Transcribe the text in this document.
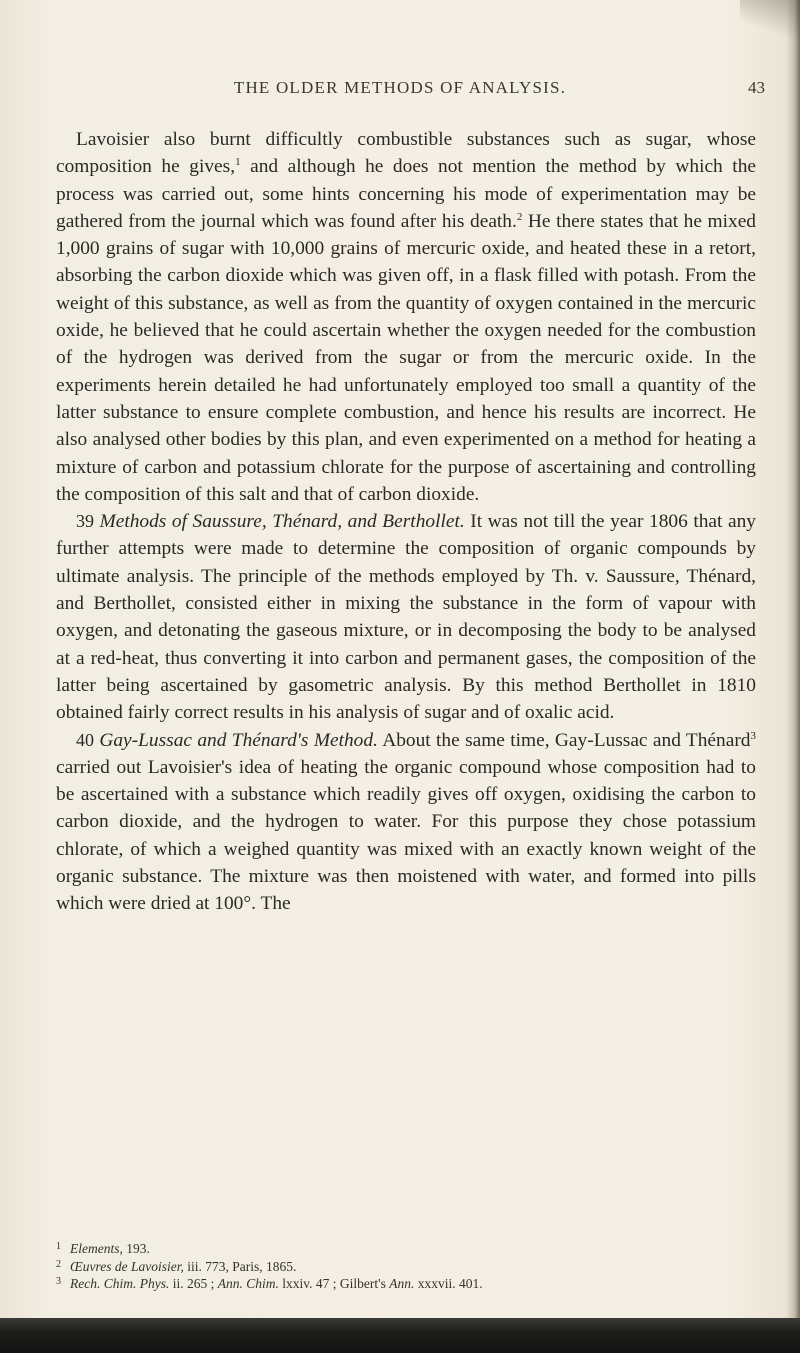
THE OLDER METHODS OF ANALYSIS.	43

Lavoisier also burnt difficultly combustible substances such as sugar, whose composition he gives,$^1$ and although he does not mention the method by which the process was carried out, some hints concerning his mode of experimentation may be gathered from the journal which was found after his death.$^2$ He there states that he mixed 1,000 grains of sugar with 10,000 grains of mercuric oxide, and heated these in a retort, absorbing the carbon dioxide which was given off, in a flask filled with potash. From the weight of this substance, as well as from the quantity of oxygen contained in the mercuric oxide, he believed that he could ascertain whether the oxygen needed for the combustion of the hydrogen was derived from the sugar or from the mercuric oxide. In the experiments herein detailed he had unfortunately employed too small a quantity of the latter substance to ensure complete combustion, and hence his results are incorrect. He also analysed other bodies by this plan, and even experimented on a method for heating a mixture of carbon and potassium chlorate for the purpose of ascertaining and controlling the composition of this salt and that of carbon dioxide.

39 Methods of Saussure, Thénard, and Berthollet. It was not till the year 1806 that any further attempts were made to determine the composition of organic compounds by ultimate analysis. The principle of the methods employed by Th. v. Saussure, Thénard, and Berthollet, consisted either in mixing the substance in the form of vapour with oxygen, and detonating the gaseous mixture, or in decomposing the body to be analysed at a red-heat, thus converting it into carbon and permanent gases, the composition of the latter being ascertained by gasometric analysis. By this method Berthollet in 1810 obtained fairly correct results in his analysis of sugar and of oxalic acid.

40 Gay-Lussac and Thénard's Method. About the same time, Gay-Lussac and Thénard$^3$ carried out Lavoisier's idea of heating the organic compound whose composition had to be ascertained with a substance which readily gives off oxygen, oxidising the carbon to carbon dioxide, and the hydrogen to water. For this purpose they chose potassium chlorate, of which a weighed quantity was mixed with an exactly known weight of the organic substance. The mixture was then moistened with water, and formed into pills which were dried at 100°. The

1 Elements, 193.
2 Œuvres de Lavoisier, iii. 773, Paris, 1865.
3 Rech. Chim. Phys. ii. 265 ; Ann. Chim. lxxiv. 47 ; Gilbert's Ann. xxxvii. 401.
